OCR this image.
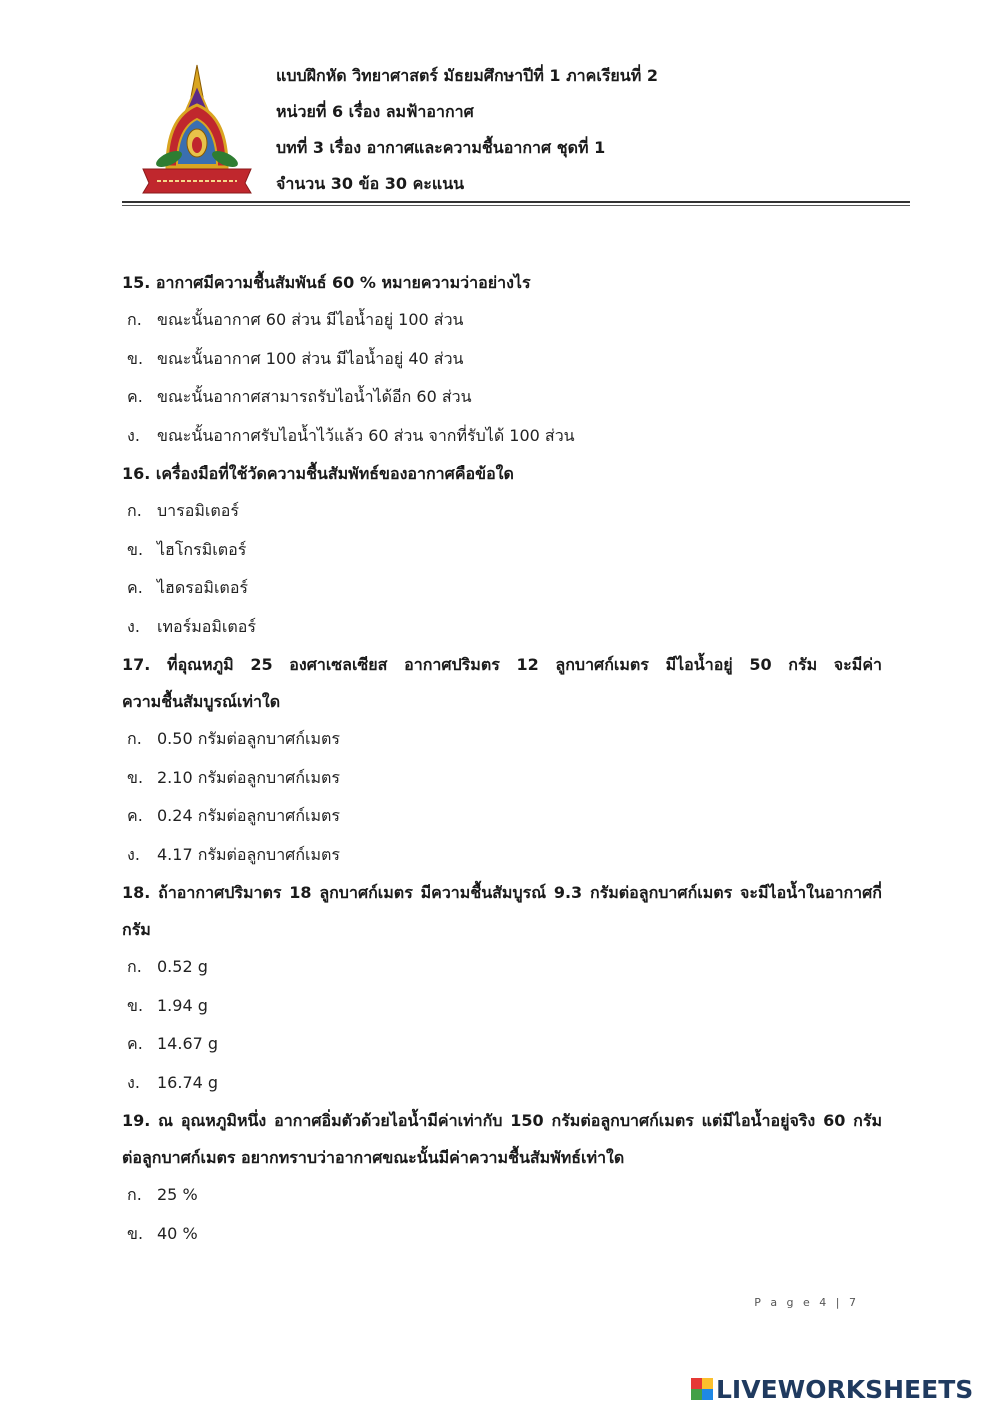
แบบฝึกหัด วิทยาศาสตร์ มัธยมศึกษาปีที่ 1 ภาคเรียนที่ 2
หน่วยที่ 6 เรื่อง ลมฟ้าอากาศ
บทที่ 3 เรื่อง อากาศและความชื้นอากาศ ชุดที่ 1
จำนวน 30 ข้อ 30 คะแนน
15. อากาศมีความชื้นสัมพันธ์ 60 % หมายความว่าอย่างไร
ก. ขณะนั้นอากาศ 60 ส่วน มีไอน้ำอยู่ 100 ส่วน
ข. ขณะนั้นอากาศ 100 ส่วน มีไอน้ำอยู่ 40 ส่วน
ค. ขณะนั้นอากาศสามารถรับไอน้ำได้อีก 60 ส่วน
ง. ขณะนั้นอากาศรับไอน้ำไว้แล้ว 60 ส่วน จากที่รับได้ 100 ส่วน
16. เครื่องมือที่ใช้วัดความชื้นสัมพัทธ์ของอากาศคือข้อใด
ก. บารอมิเตอร์
ข. ไฮโกรมิเตอร์
ค. ไฮดรอมิเตอร์
ง. เทอร์มอมิเตอร์
17. ที่อุณหภูมิ 25 องศาเซลเซียส อากาศปริมตร 12 ลูกบาศก์เมตร มีไอน้ำอยู่ 50 กรัม จะมีค่าความชื้นสัมบูรณ์เท่าใด
ก. 0.50 กรัมต่อลูกบาศก์เมตร
ข. 2.10 กรัมต่อลูกบาศก์เมตร
ค. 0.24 กรัมต่อลูกบาศก์เมตร
ง. 4.17 กรัมต่อลูกบาศก์เมตร
18. ถ้าอากาศปริมาตร 18 ลูกบาศก์เมตร มีความชื้นสัมบูรณ์ 9.3 กรัมต่อลูกบาศก์เมตร จะมีไอน้ำในอากาศกี่กรัม
ก. 0.52 g
ข. 1.94 g
ค. 14.67 g
ง. 16.74 g
19. ณ อุณหภูมิหนึ่ง อากาศอิ่มตัวด้วยไอน้ำมีค่าเท่ากับ 150 กรัมต่อลูกบาศก์เมตร แต่มีไอน้ำอยู่จริง 60 กรัมต่อลูกบาศก์เมตร อยากทราบว่าอากาศขณะนั้นมีค่าความชื้นสัมพัทธ์เท่าใด
ก. 25 %
ข. 40 %
P a g e 4 | 7
LIVEWORKSHEETS
